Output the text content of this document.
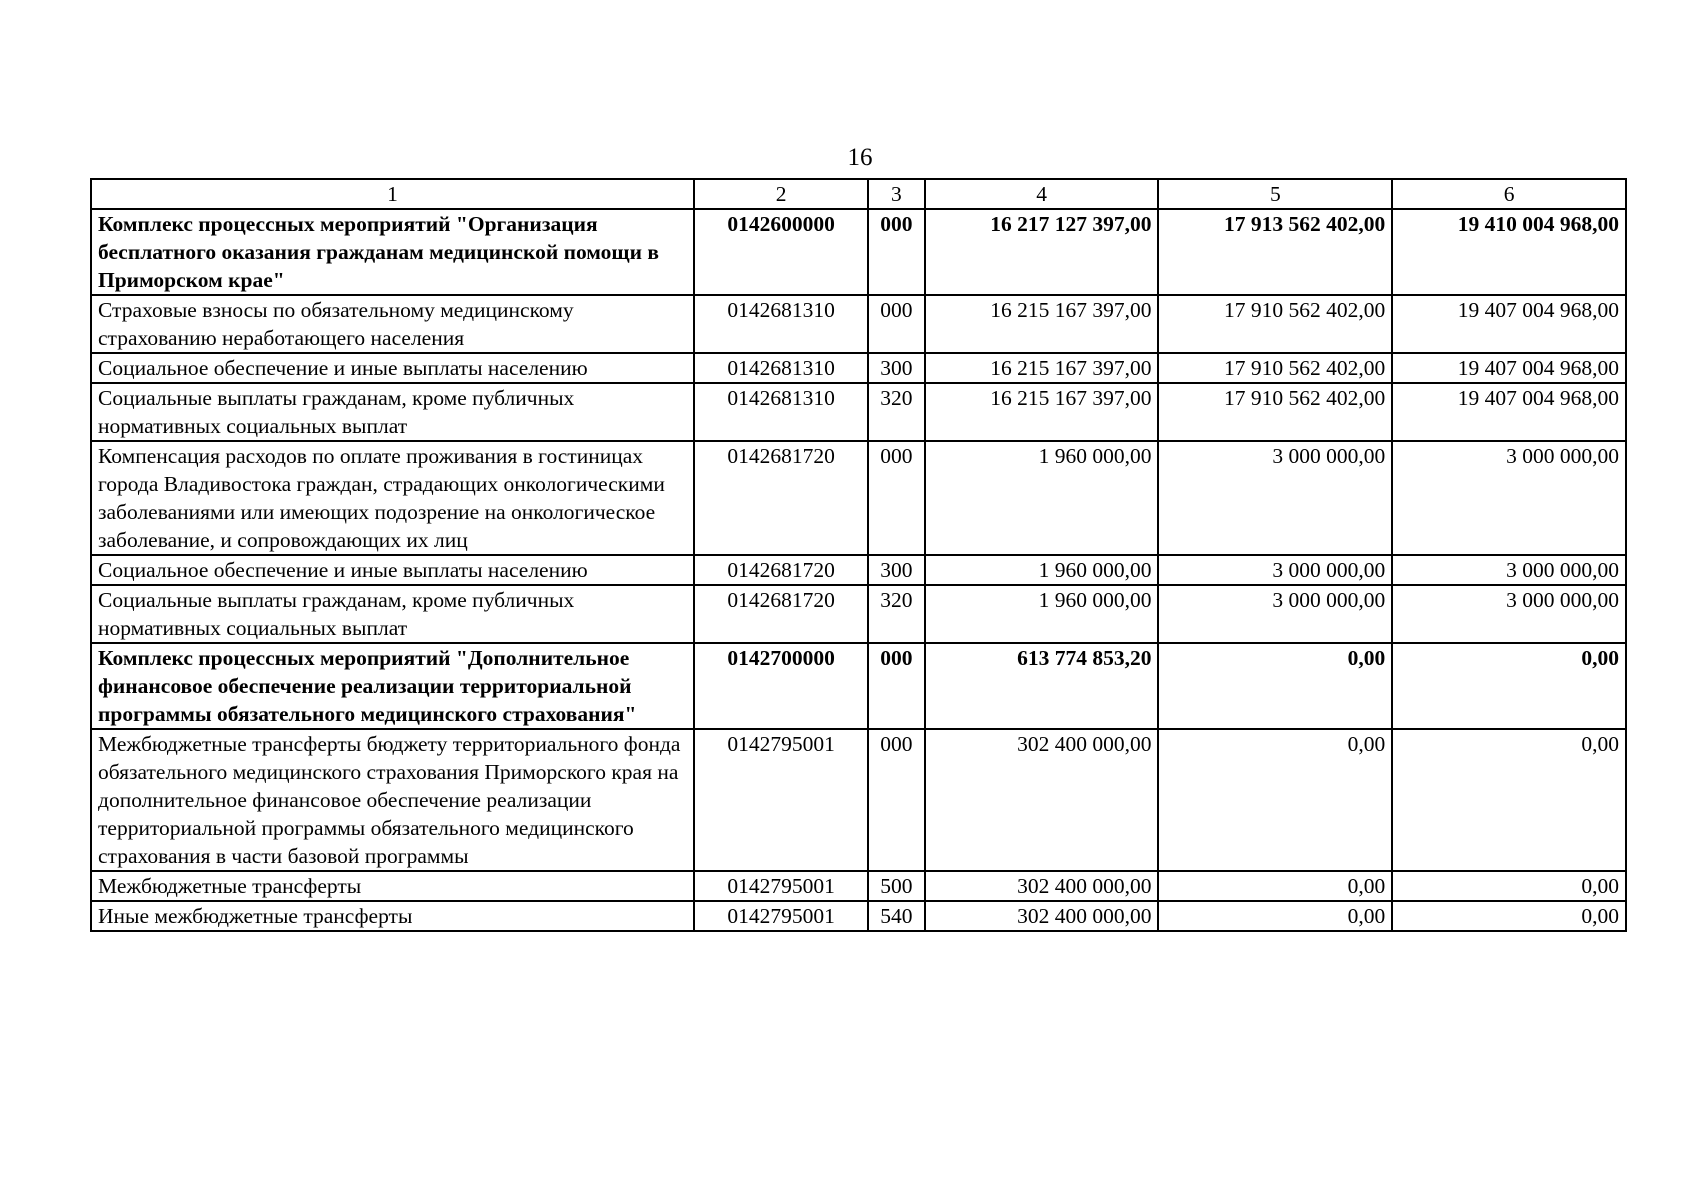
16
1	2	3	4	5	6
Комплекс процессных мероприятий "Организация бесплатного оказания гражданам медицинской помощи в Приморском крае"	0142600000	000	16 217 127 397,00	17 913 562 402,00	19 410 004 968,00
Страховые взносы по обязательному медицинскому страхованию неработающего населения	0142681310	000	16 215 167 397,00	17 910 562 402,00	19 407 004 968,00
Социальное обеспечение и иные выплаты населению	0142681310	300	16 215 167 397,00	17 910 562 402,00	19 407 004 968,00
Социальные выплаты гражданам, кроме публичных нормативных социальных выплат	0142681310	320	16 215 167 397,00	17 910 562 402,00	19 407 004 968,00
Компенсация расходов по оплате проживания в гостиницах города Владивостока граждан, страдающих онкологическими заболеваниями или имеющих подозрение на онкологическое заболевание, и сопровождающих их лиц	0142681720	000	1 960 000,00	3 000 000,00	3 000 000,00
Социальное обеспечение и иные выплаты населению	0142681720	300	1 960 000,00	3 000 000,00	3 000 000,00
Социальные выплаты гражданам, кроме публичных нормативных социальных выплат	0142681720	320	1 960 000,00	3 000 000,00	3 000 000,00
Комплекс процессных мероприятий "Дополнительное финансовое обеспечение реализации территориальной программы обязательного медицинского страхования"	0142700000	000	613 774 853,20	0,00	0,00
Межбюджетные трансферты бюджету территориального фонда обязательного медицинского страхования Приморского края на дополнительное финансовое обеспечение реализации территориальной программы обязательного медицинского страхования в части базовой программы	0142795001	000	302 400 000,00	0,00	0,00
Межбюджетные трансферты	0142795001	500	302 400 000,00	0,00	0,00
Иные межбюджетные трансферты	0142795001	540	302 400 000,00	0,00	0,00
